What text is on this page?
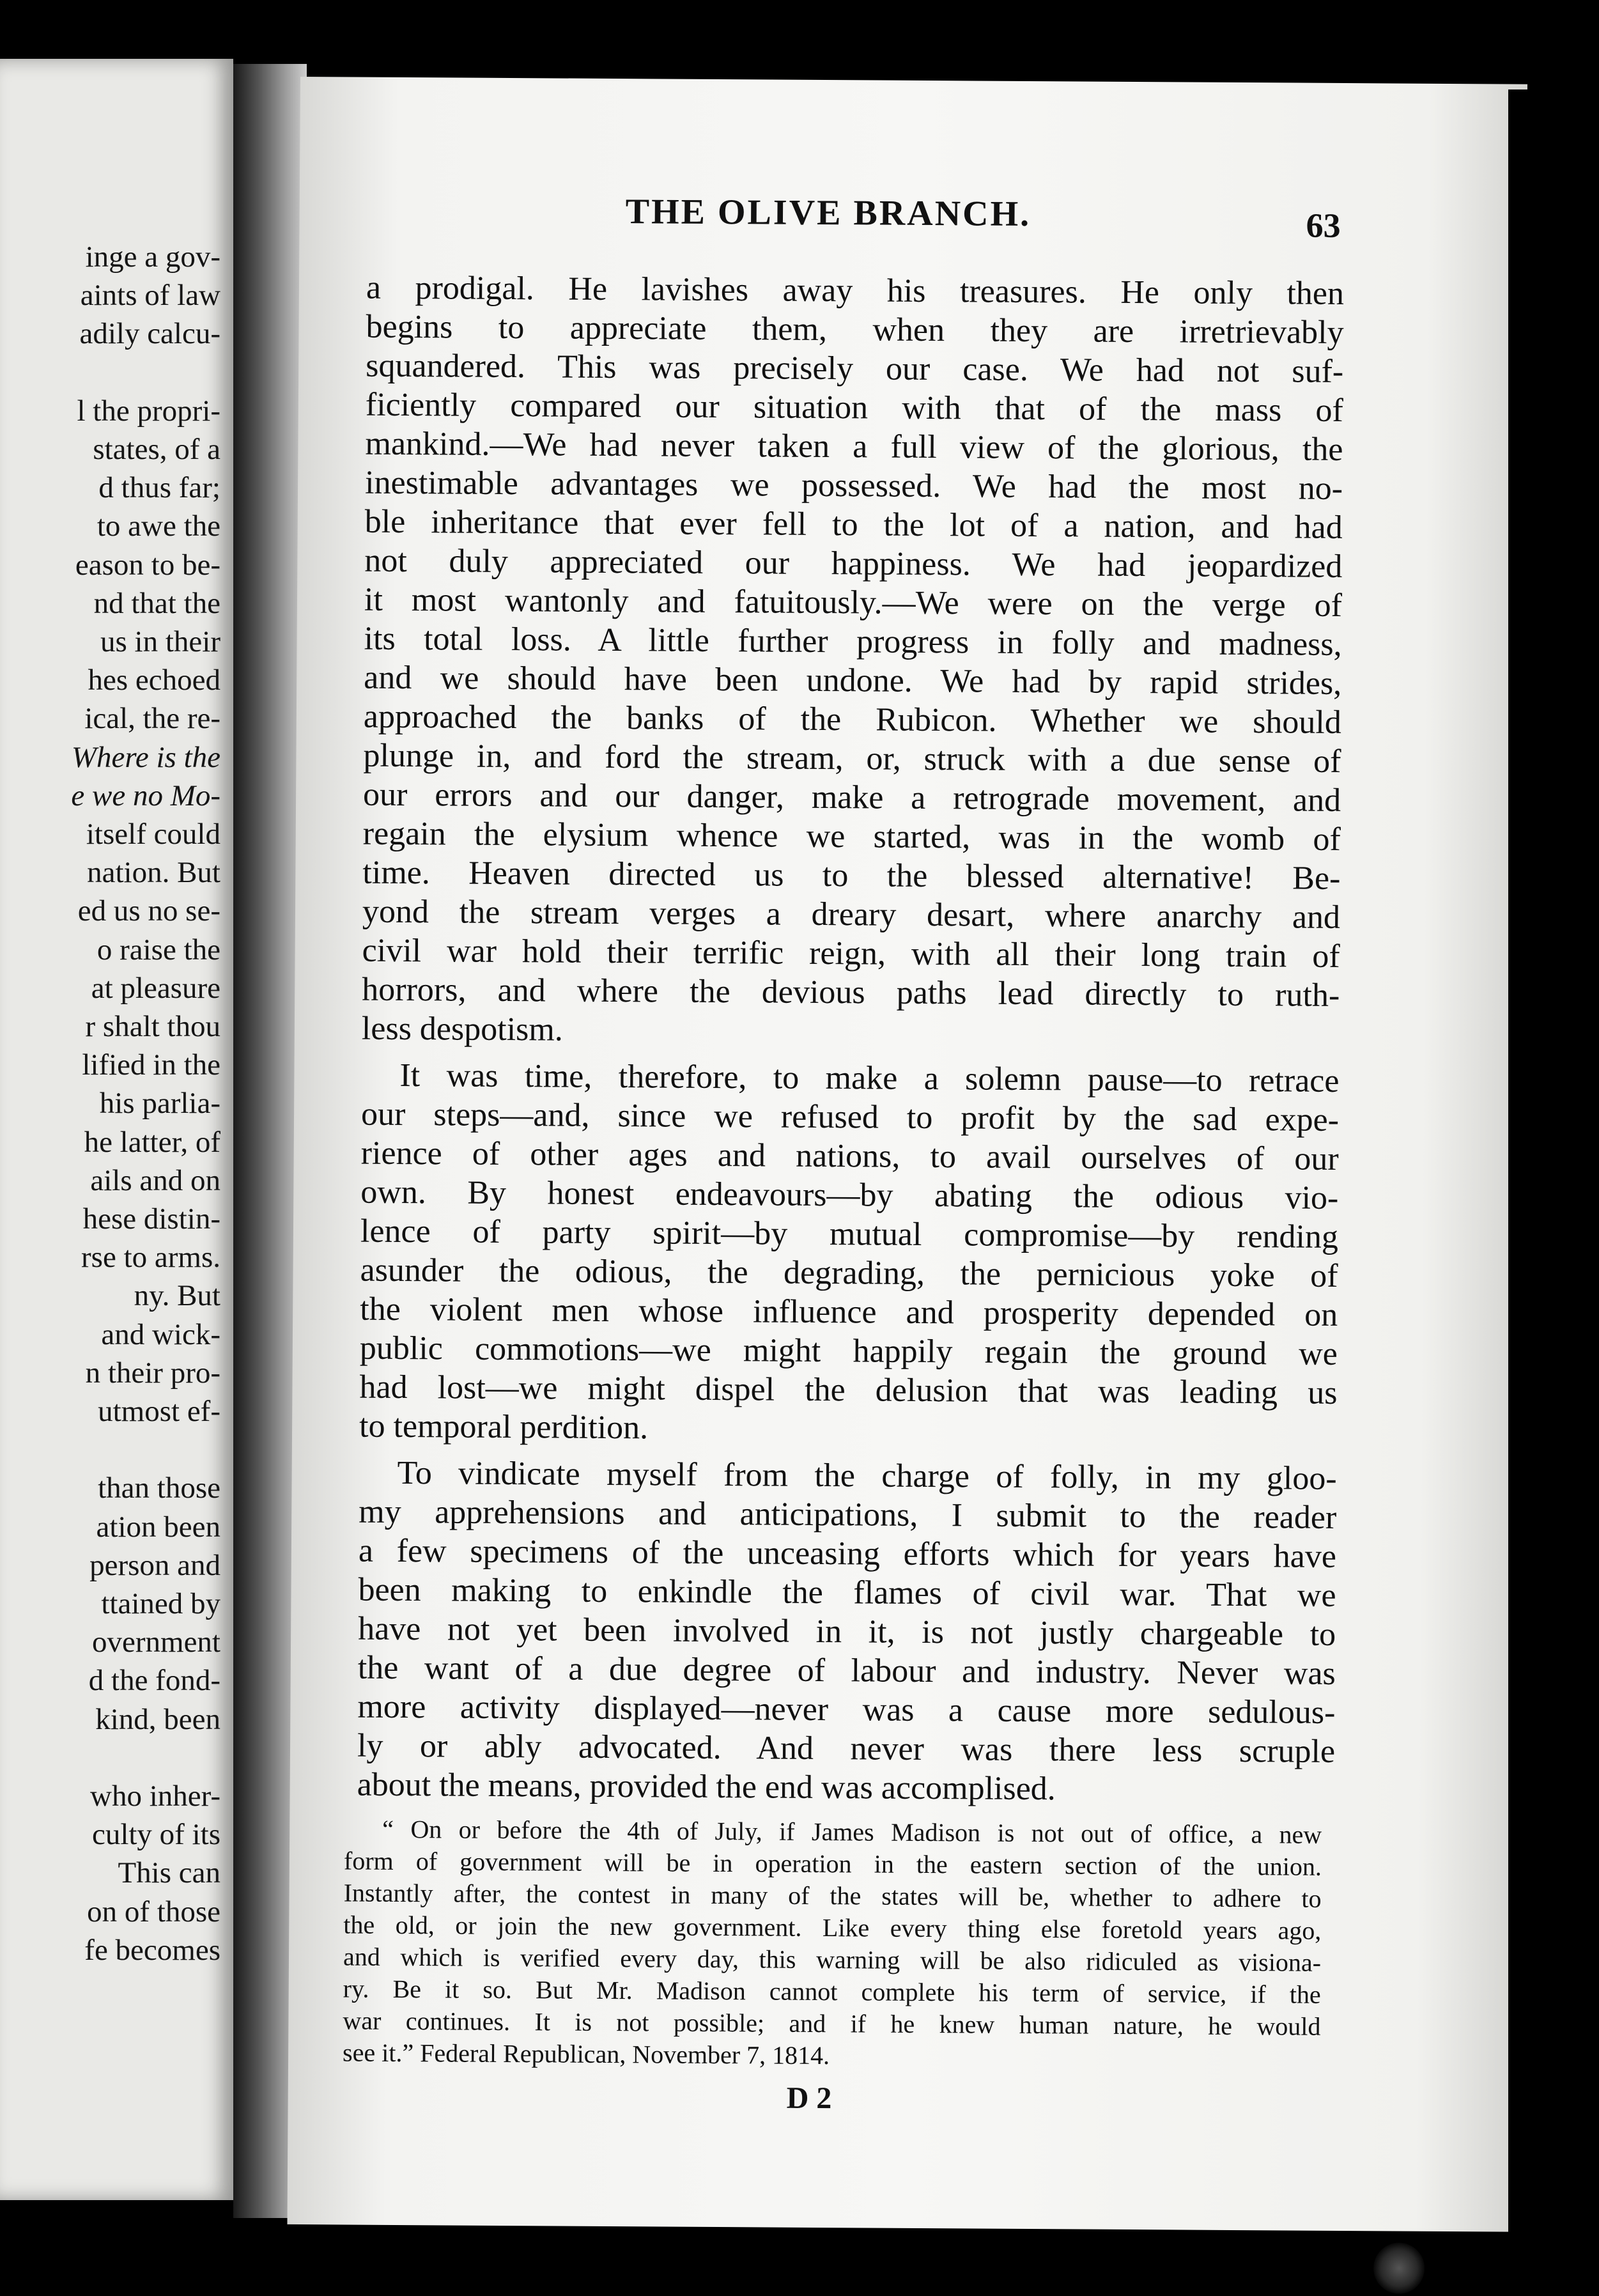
inge a gov-
aints of law
adily calcu-
l the propri-
states, of a
d thus far;
to awe the
eason to be-
nd that the
us in their
hes echoed
ical, the re-
Where is the
e we no Mo-
itself could
nation. But
ed us no se-
o raise the
at pleasure
r shalt thou
lified in the
his parlia-
he latter, of
ails and on
hese distin-
rse to arms.
ny. But
and wick-
n their pro-
utmost ef-
than those
ation been
person and
ttained by
overnment
d the fond-
kind, been
who inher-
culty of its
This can
on of those
fe becomes
THE OLIVE BRANCH.	63
a prodigal. He lavishes away his treasures. He only then
begins to appreciate them, when they are irretrievably
squandered. This was precisely our case. We had not suf-
ficiently compared our situation with that of the mass of
mankind.—We had never taken a full view of the glorious, the
inestimable advantages we possessed. We had the most no-
ble inheritance that ever fell to the lot of a nation, and had
not duly appreciated our happiness. We had jeopardized
it most wantonly and fatuitously.—We were on the verge of
its total loss. A little further progress in folly and madness,
and we should have been undone. We had by rapid strides,
approached the banks of the Rubicon. Whether we should
plunge in, and ford the stream, or, struck with a due sense of
our errors and our danger, make a retrograde movement, and
regain the elysium whence we started, was in the womb of
time. Heaven directed us to the blessed alternative! Be-
yond the stream verges a dreary desart, where anarchy and
civil war hold their terrific reign, with all their long train of
horrors, and where the devious paths lead directly to ruth-
less despotism.
It was time, therefore, to make a solemn pause—to retrace
our steps—and, since we refused to profit by the sad expe-
rience of other ages and nations, to avail ourselves of our
own. By honest endeavours—by abating the odious vio-
lence of party spirit—by mutual compromise—by rending
asunder the odious, the degrading, the pernicious yoke of
the violent men whose influence and prosperity depended on
public commotions—we might happily regain the ground we
had lost—we might dispel the delusion that was leading us
to temporal perdition.
To vindicate myself from the charge of folly, in my gloo-
my apprehensions and anticipations, I submit to the reader
a few specimens of the unceasing efforts which for years have
been making to enkindle the flames of civil war. That we
have not yet been involved in it, is not justly chargeable to
the want of a due degree of labour and industry. Never was
more activity displayed—never was a cause more sedulous-
ly or ably advocated. And never was there less scruple
about the means, provided the end was accomplised.
“ On or before the 4th of July, if James Madison is not out of office, a new
form of government will be in operation in the eastern section of the union.
Instantly after, the contest in many of the states will be, whether to adhere to
the old, or join the new government. Like every thing else foretold years ago,
and which is verified every day, this warning will be also ridiculed as visiona-
ry. Be it so. But Mr. Madison cannot complete his term of service, if the
war continues. It is not possible; and if he knew human nature, he would
see it.” Federal Republican, November 7, 1814.
D 2
